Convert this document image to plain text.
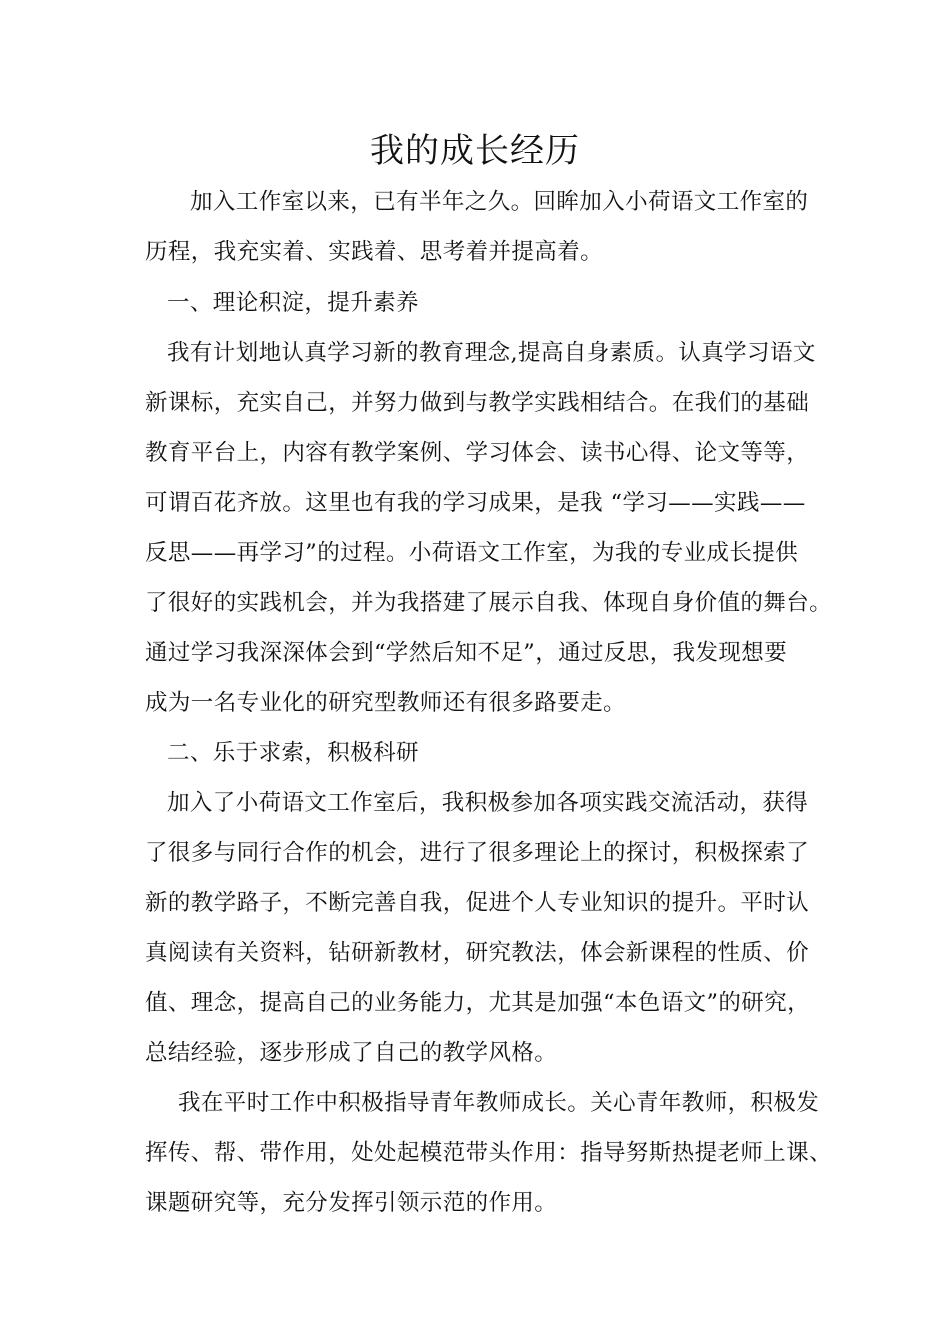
我的成长经历
加入工作室以来，已有半年之久。回眸加入小荷语文工作室的
历程，我充实着、实践着、思考着并提高着。
一、理论积淀，提升素养
我有计划地认真学习新的教育理念,提高自身素质。认真学习语文
新课标，充实自己，并努力做到与教学实践相结合。在我们的基础
教育平台上，内容有教学案例、学习体会、读书心得、论文等等，
可谓百花齐放。这里也有我的学习成果，是我 “学习——实践——
反思——再学习”的过程。小荷语文工作室，为我的专业成长提供
了很好的实践机会，并为我搭建了展示自我、体现自身价值的舞台。
通过学习我深深体会到“学然后知不足”，通过反思，我发现想要
成为一名专业化的研究型教师还有很多路要走。
二、乐于求索，积极科研
加入了小荷语文工作室后，我积极参加各项实践交流活动，获得
了很多与同行合作的机会，进行了很多理论上的探讨，积极探索了
新的教学路子，不断完善自我，促进个人专业知识的提升。平时认
真阅读有关资料，钻研新教材，研究教法，体会新课程的性质、价
值、理念，提高自己的业务能力，尤其是加强“本色语文”的研究，
总结经验，逐步形成了自己的教学风格。
我在平时工作中积极指导青年教师成长。关心青年教师，积极发
挥传、帮、带作用，处处起模范带头作用：指导努斯热提老师上课、
课题研究等，充分发挥引领示范的作用。
